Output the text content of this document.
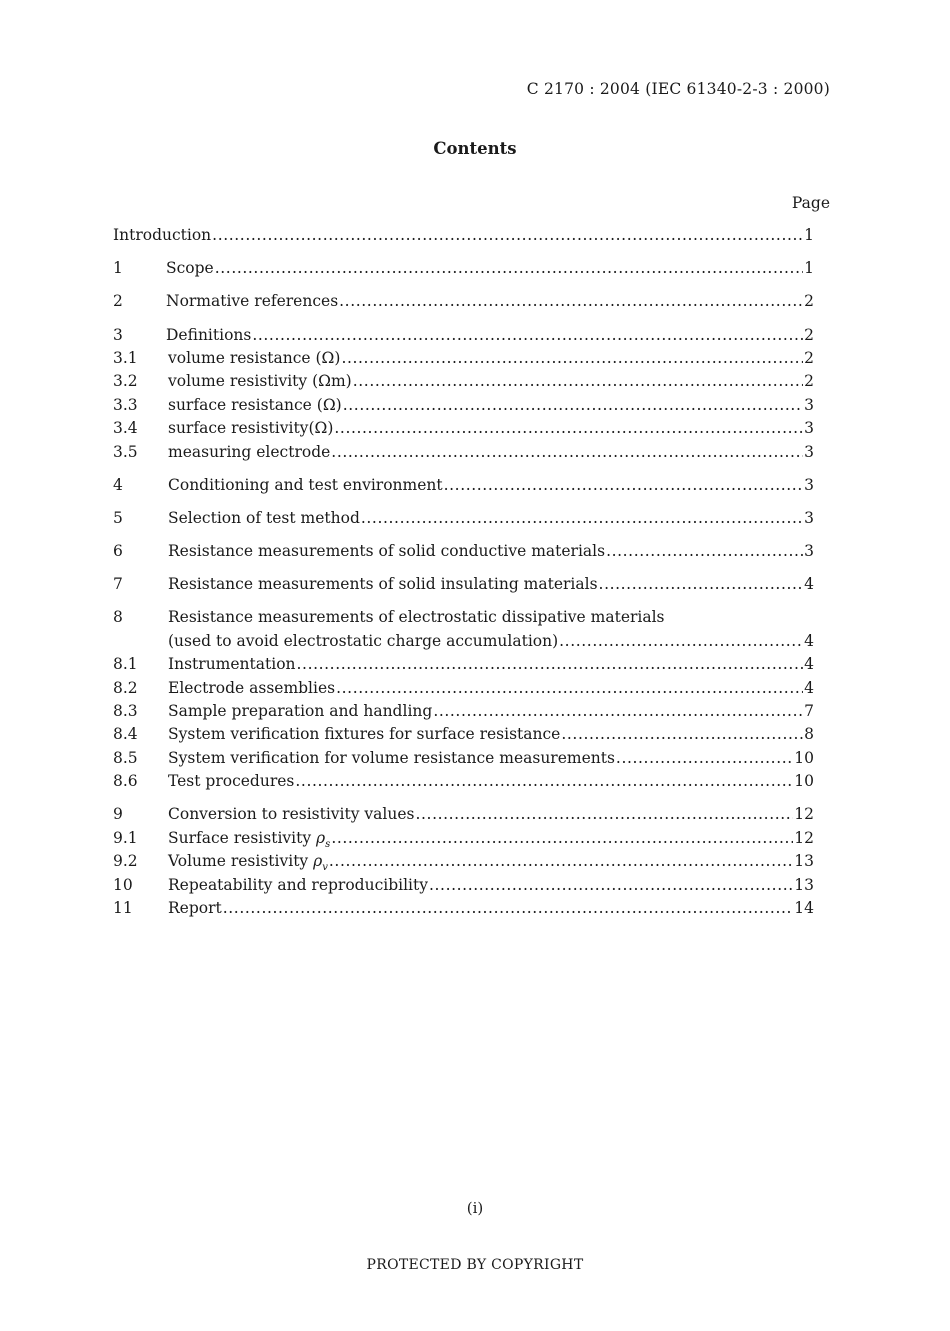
C 2170 : 2004 (IEC 61340-2-3 : 2000)
Contents
Page
Introduction .....	1
1	Scope .....	1
2	Normative references .....	2
3	Definitions .....	2
3.1	volume resistance (Ω) .....	2
3.2	volume resistivity (Ωm) .....	2
3.3	surface resistance (Ω) .....	3
3.4	surface resistivity(Ω) .....	3
3.5	measuring electrode .....	3
4	Conditioning and test environment .....	3
5	Selection of test method .....	3
6	Resistance measurements of solid conductive materials .....	3
7	Resistance measurements of solid insulating materials .....	4
8	Resistance measurements of electrostatic dissipative materials
(used to avoid electrostatic charge accumulation) .....	4
8.1	Instrumentation .....	4
8.2	Electrode assemblies .....	4
8.3	Sample preparation and handling .....	7
8.4	System verification fixtures for surface resistance .....	8
8.5	System verification for volume resistance measurements .....	10
8.6	Test procedures .....	10
9	Conversion to resistivity values .....	12
9.1	Surface resistivity $\rho_s$ .....	12
9.2	Volume resistivity $\rho_v$ .....	13
10	Repeatability and reproducibility .....	13
11	Report .....	14
(i)
PROTECTED BY COPYRIGHT
